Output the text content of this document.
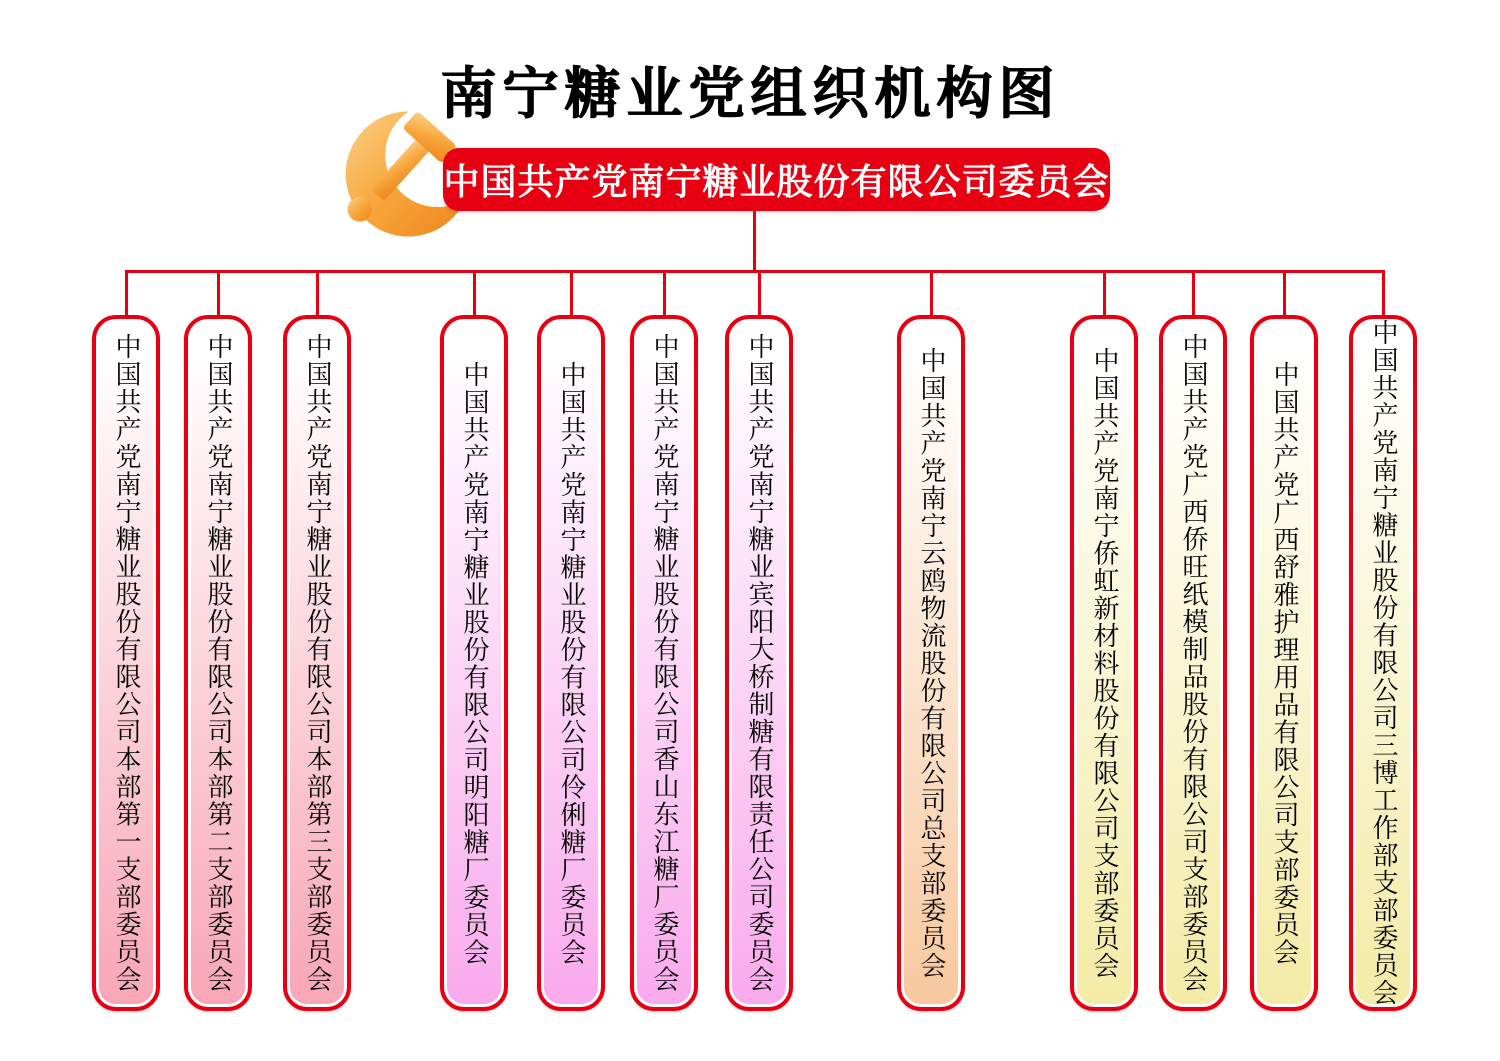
南宁糖业党组织机构图
中国共产党南宁糖业股份有限公司委员会
中国共产党南宁糖业股份有限公司本部第一支部委员会 中国共产党南宁糖业股份有限公司本部第二支部委员会	中国共产党南宁糖业股份有限公司本部第三支部委员会	中国共产党南宁糖业股份有限公司明阳糖厂委员会	中国共产党南宁糖业股份有限公司伶俐糖厂委员会 中国共产党南宁糖业股份有限公司香山东江糖厂委员会	中国共产党南宁糖业宾阳大桥制糖有限责任公司委员会	中国共产党南宁云鸥物流股份有限公司总支部委员会	中国共产党南宁侨虹新材料股份有限公司支部委员会 中国共产党广西侨旺纸模制品股份有限公司支部委员会 中国共产党广西舒雅护理用品有限公司支部委员会	中国共产党南宁糖业股份有限公司三博工作部支部委员会
